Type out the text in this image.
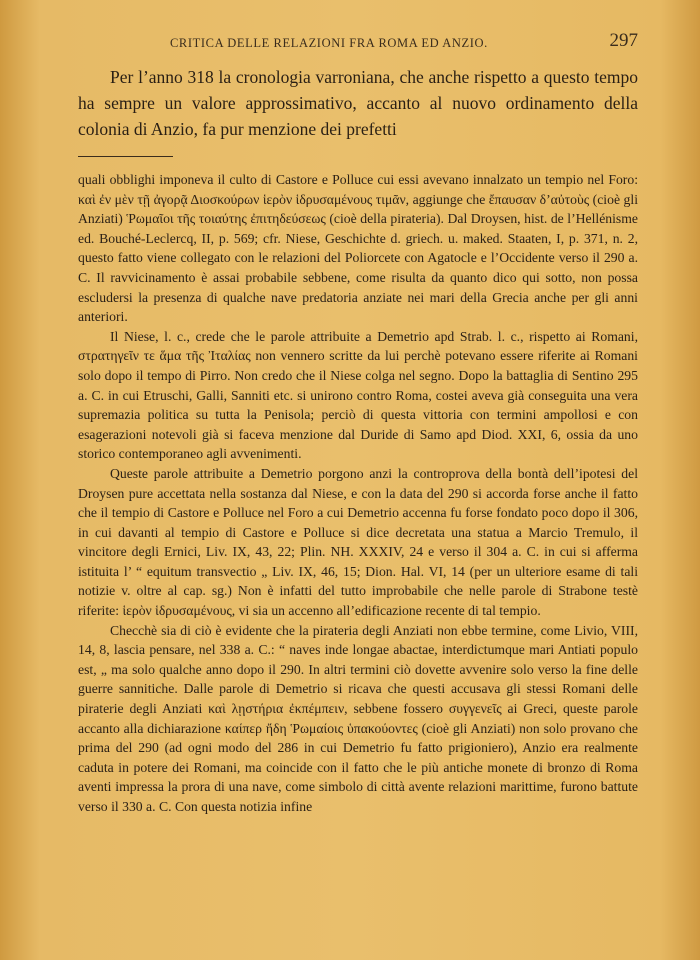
CRITICA DELLE RELAZIONI FRA ROMA ED ANZIO.	297

Per l’anno 318 la cronologia varroniana, che anche rispetto a questo tempo ha sempre un valore approssimativo, accanto al nuovo ordinamento della colonia di Anzio, fa pur menzione dei prefetti

quali obblighi imponeva il culto di Castore e Polluce cui essi avevano innalzato un tempio nel Foro: καὶ ἐν μὲν τῇ ἀγορᾷ Διοσκούρων ἱερὸν ἱδρυσαμένους τιμᾶν, aggiunge che ἔπαυσαν δ’αὐτοὺς (cioè gli Anziati) Ῥωμαῖοι τῆς τοιαύτης ἐπιτηδεύσεως (cioè della pirateria). Dal Droysen, hist. de l’Hellénisme ed. Bouché-Leclercq, II, p. 569; cfr. Niese, Geschichte d. griech. u. maked. Staaten, I, p. 371, n. 2, questo fatto viene collegato con le relazioni del Poliorcete con Agatocle e l’Occidente verso il 290 a. C. Il ravvicinamento è assai probabile sebbene, come risulta da quanto dico qui sotto, non possa escludersi la presenza di qualche nave predatoria anziate nei mari della Grecia anche per gli anni anteriori.

Il Niese, l. c., crede che le parole attribuite a Demetrio apd Strab. l. c., rispetto ai Romani, στρατηγεῖν τε ἅμα τῆς Ἰταλίας non vennero scritte da lui perchè potevano essere riferite ai Romani solo dopo il tempo di Pirro. Non credo che il Niese colga nel segno. Dopo la battaglia di Sentino 295 a. C. in cui Etruschi, Galli, Sanniti etc. si unirono contro Roma, costei aveva già conseguita una vera supremazia politica su tutta la Penisola; perciò di questa vittoria con termini ampollosi e con esagerazioni notevoli già si faceva menzione dal Duride di Samo apd Diod. XXI, 6, ossia da uno storico contemporaneo agli avvenimenti.

Queste parole attribuite a Demetrio porgono anzi la controprova della bontà dell’ipotesi del Droysen pure accettata nella sostanza dal Niese, e con la data del 290 si accorda forse anche il fatto che il tempio di Castore e Polluce nel Foro a cui Demetrio accenna fu forse fondato poco dopo il 306, in cui davanti al tempio di Castore e Polluce si dice decretata una statua a Marcio Tremulo, il vincitore degli Ernici, Liv. IX, 43, 22; Plin. NH. XXXIV, 24 e verso il 304 a. C. in cui si afferma istituita l’ “ equitum transvectio „ Liv. IX, 46, 15; Dion. Hal. VI, 14 (per un ulteriore esame di tali notizie v. oltre al cap. sg.) Non è infatti del tutto improbabile che nelle parole di Strabone testè riferite: ἱερὸν ἱδρυσαμένους, vi sia un accenno all’edificazione recente di tal tempio.

Checchè sia di ciò è evidente che la pirateria degli Anziati non ebbe termine, come Livio, VIII, 14, 8, lascia pensare, nel 338 a. C.: “ naves inde longae abactae, interdictumque mari Antiati populo est, „ ma solo qualche anno dopo il 290. In altri termini ciò dovette avvenire solo verso la fine delle guerre sannitiche. Dalle parole di Demetrio si ricava che questi accusava gli stessi Romani delle piraterie degli Anziati καὶ λῃστήρια ἐκπέμπειν, sebbene fossero συγγενεῖς ai Greci, queste parole accanto alla dichiarazione καίπερ ἤδη Ῥωμαίοις ὑπακούοντες (cioè gli Anziati) non solo provano che prima del 290 (ad ogni modo del 286 in cui Demetrio fu fatto prigioniero), Anzio era realmente caduta in potere dei Romani, ma coincide con il fatto che le più antiche monete di bronzo di Roma aventi impressa la prora di una nave, come simbolo di città avente relazioni marittime, furono battute verso il 330 a. C. Con questa notizia infine
